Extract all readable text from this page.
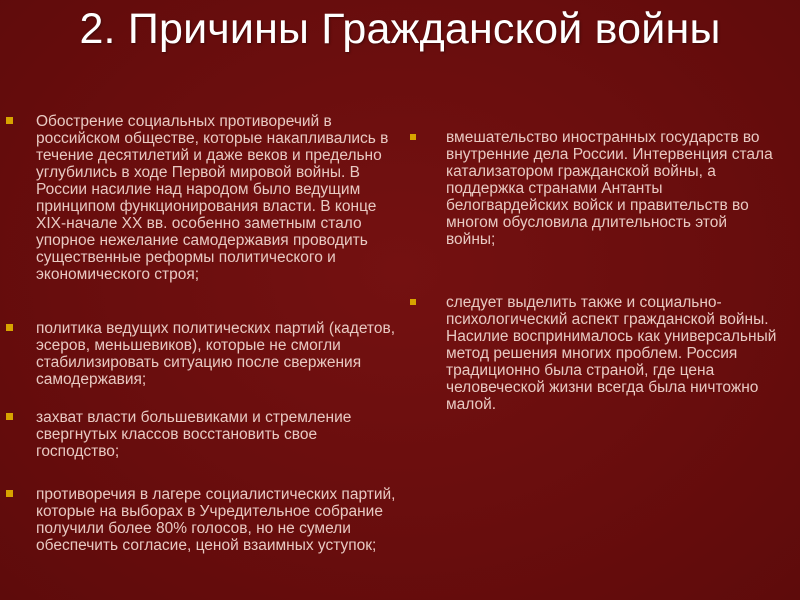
2. Причины Гражданской войны
Обострение социальных противоречий в российском обществе, которые накапливались в течение десятилетий и даже веков и предельно углубились в ходе Первой мировой войны. В России насилие над народом было ведущим принципом функционирования власти. В конце XIX-начале XX вв. особенно заметным стало упорное нежелание самодержавия проводить существенные реформы политического и экономического строя;
политика ведущих политических партий (кадетов, эсеров, меньшевиков), которые не смогли стабилизировать ситуацию после свержения самодержавия;
захват власти большевиками и стремление свергнутых классов восстановить свое господство;
противоречия в лагере социалистических партий, которые на выборах в Учредительное собрание получили более 80% голосов, но не сумели обеспечить согласие, ценой взаимных уступок;
вмешательство иностранных государств во внутренние дела России. Интервенция стала катализатором гражданской войны, а поддержка странами Антанты белогвардейских войск и правительств во многом обусловила длительность этой войны;
следует выделить также и социально-психологический аспект гражданской войны. Насилие воспринималось как универсальный метод решения многих проблем. Россия традиционно была страной, где цена человеческой жизни всегда была ничтожно малой.
